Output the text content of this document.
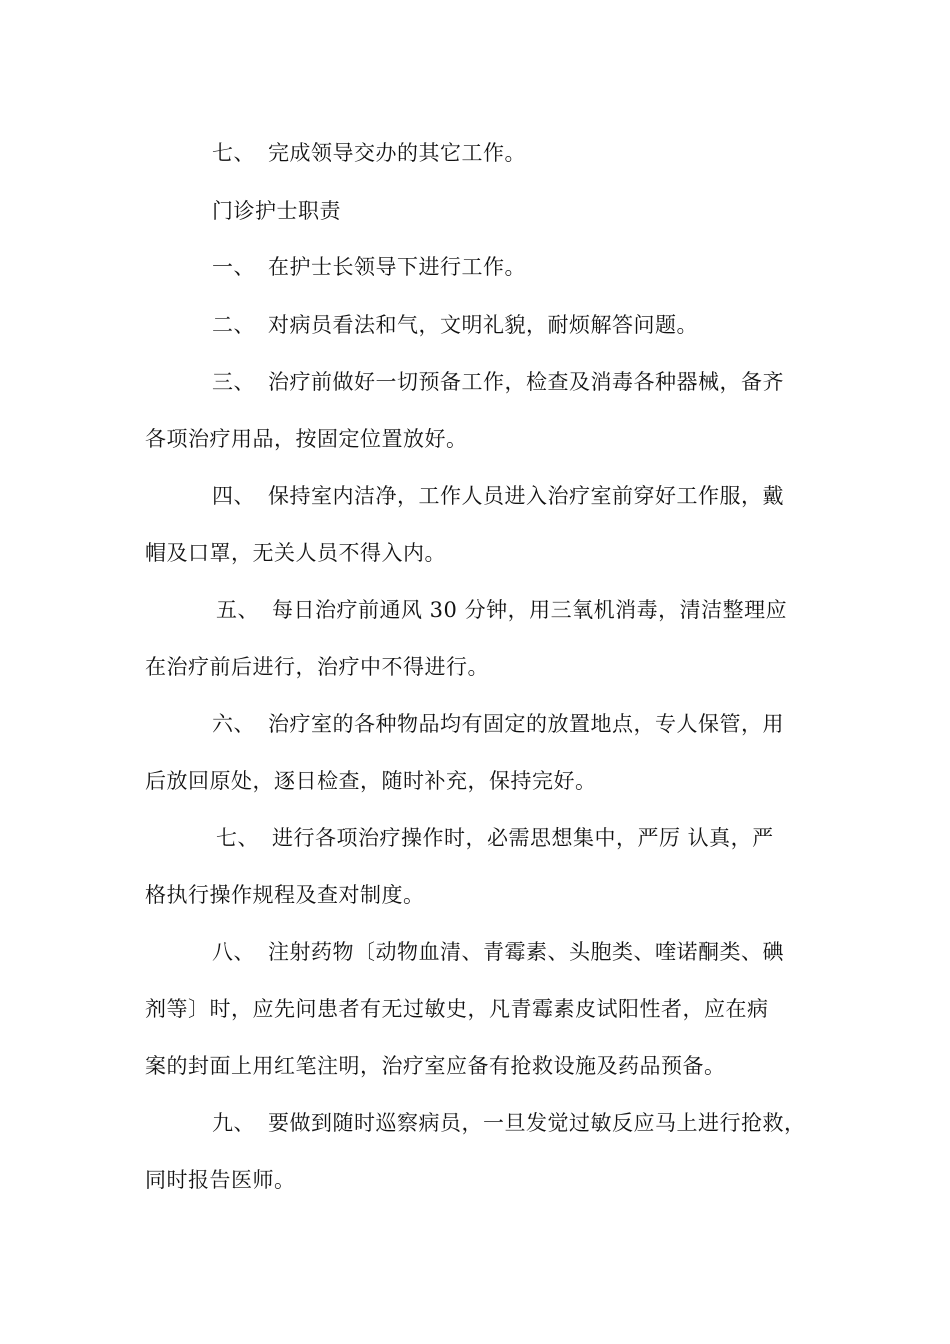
七、 完成领导交办的其它工作。
门诊护士职责
一、 在护士长领导下进行工作。
二、 对病员看法和气，文明礼貌，耐烦解答问题。
三、 治疗前做好一切预备工作，检查及消毒各种器械，备齐
各项治疗用品，按固定位置放好。
四、 保持室内洁净，工作人员进入治疗室前穿好工作服，戴
帽及口罩，无关人员不得入内。
五、 每日治疗前通风 30 分钟，用三氧机消毒，清洁整理应
在治疗前后进行，治疗中不得进行。
六、 治疗室的各种物品均有固定的放置地点，专人保管，用
后放回原处，逐日检查，随时补充，保持完好。
七、 进行各项治疗操作时，必需思想集中，严厉 认真，严
格执行操作规程及查对制度。
八、 注射药物〔动物血清、青霉素、头胞类、喹诺酮类、碘
剂等〕时，应先问患者有无过敏史，凡青霉素皮试阳性者，应在病
案的封面上用红笔注明，治疗室应备有抢救设施及药品预备。
九、 要做到随时巡察病员，一旦发觉过敏反应马上进行抢救，
同时报告医师。
